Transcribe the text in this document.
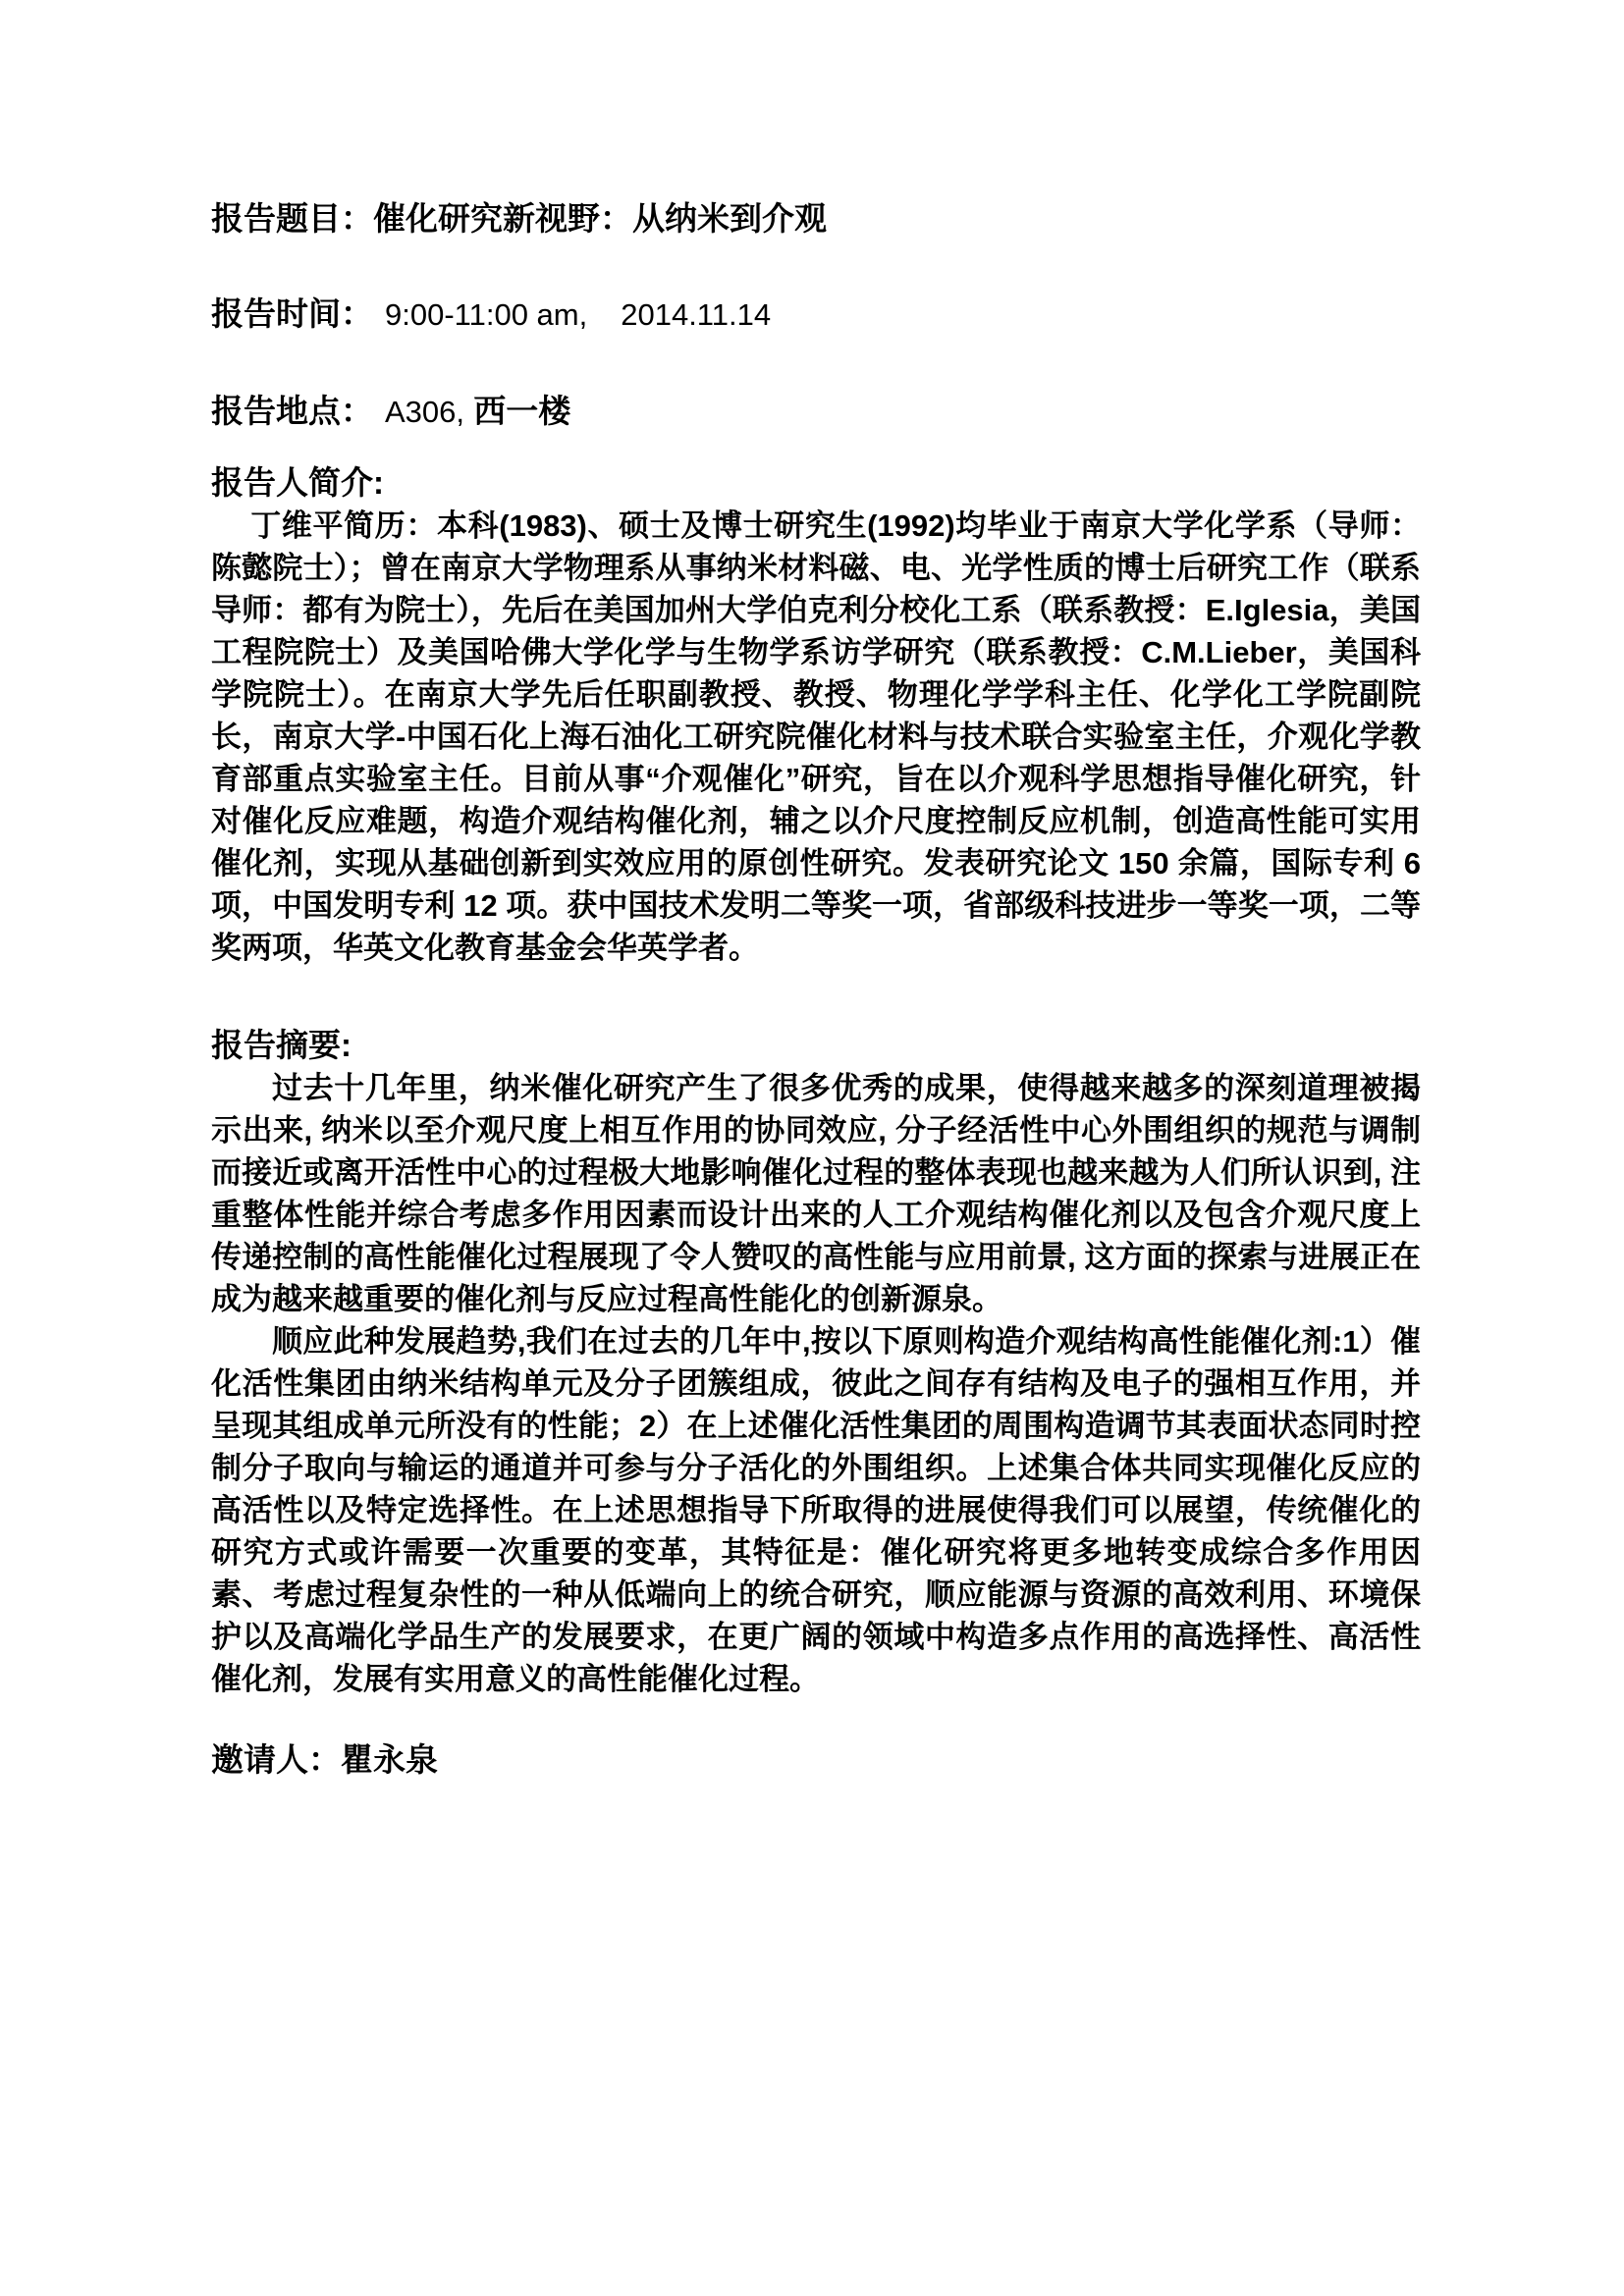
报告题目：催化研究新视野：从纳米到介观
报告时间： 9:00-11:00 am, 2014.11.14
报告地点： A306, 西一楼
报告人简介:

丁维平简历：本科(1983)、硕士及博士研究生(1992)均毕业于南京大学化学系（导师：陈懿院士）；曾在南京大学物理系从事纳米材料磁、电、光学性质的博士后研究工作（联系导师：都有为院士），先后在美国加州大学伯克利分校化工系（联系教授：E.Iglesia，美国工程院院士）及美国哈佛大学化学与生物学系访学研究（联系教授：C.M.Lieber，美国科学院院士）。在南京大学先后任职副教授、教授、物理化学学科主任、化学化工学院副院长，南京大学-中国石化上海石油化工研究院催化材料与技术联合实验室主任，介观化学教育部重点实验室主任。目前从事“介观催化”研究，旨在以介观科学思想指导催化研究，针对催化反应难题，构造介观结构催化剂，辅之以介尺度控制反应机制，创造高性能可实用催化剂，实现从基础创新到实效应用的原创性研究。发表研究论文 150 余篇，国际专利 6 项，中国发明专利 12 项。获中国技术发明二等奖一项，省部级科技进步一等奖一项，二等奖两项，华英文化教育基金会华英学者。

报告摘要:

过去十几年里，纳米催化研究产生了很多优秀的成果，使得越来越多的深刻道理被揭示出来, 纳米以至介观尺度上相互作用的协同效应, 分子经活性中心外围组织的规范与调制而接近或离开活性中心的过程极大地影响催化过程的整体表现也越来越为人们所认识到, 注重整体性能并综合考虑多作用因素而设计出来的人工介观结构催化剂以及包含介观尺度上传递控制的高性能催化过程展现了令人赞叹的高性能与应用前景, 这方面的探索与进展正在成为越来越重要的催化剂与反应过程高性能化的创新源泉。

顺应此种发展趋势,我们在过去的几年中,按以下原则构造介观结构高性能催化剂:1）催化活性集团由纳米结构单元及分子团簇组成，彼此之间存有结构及电子的强相互作用，并呈现其组成单元所没有的性能；2）在上述催化活性集团的周围构造调节其表面状态同时控制分子取向与输运的通道并可参与分子活化的外围组织。上述集合体共同实现催化反应的高活性以及特定选择性。在上述思想指导下所取得的进展使得我们可以展望，传统催化的研究方式或许需要一次重要的变革，其特征是：催化研究将更多地转变成综合多作用因素、考虑过程复杂性的一种从低端向上的统合研究，顺应能源与资源的高效利用、环境保护以及高端化学品生产的发展要求，在更广阔的领域中构造多点作用的高选择性、高活性催化剂，发展有实用意义的高性能催化过程。

邀请人：瞿永泉
